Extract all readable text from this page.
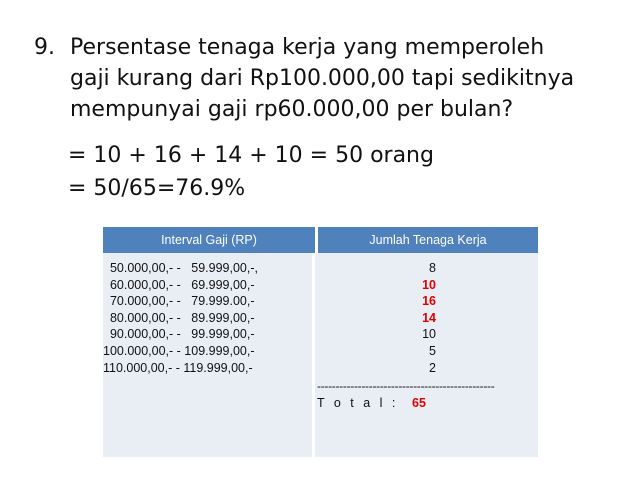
9. Persentase tenaga kerja yang memperoleh
gaji kurang dari Rp100.000,00 tapi sedikitnya
mempunyai gaji rp60.000,00 per bulan?
= 10 + 16 + 14 + 10 = 50 orang
= 50/65=76.9%
Interval Gaji (RP)	Jumlah Tenaga Kerja
50.000,00,- -   59.999,00,-,
60.000,00,- -   69.999,00,-
70.000,00,- -   79.999.00,-
80.000,00,- -   89.999,00,-
90.000,00,- -   99.999,00,-
100.000,00,- - 109.999,00,-
110.000,00,- - 119.999,00,-
8
10
16
14
10
5
2
------------------------------------------------
T o t a l :	65
